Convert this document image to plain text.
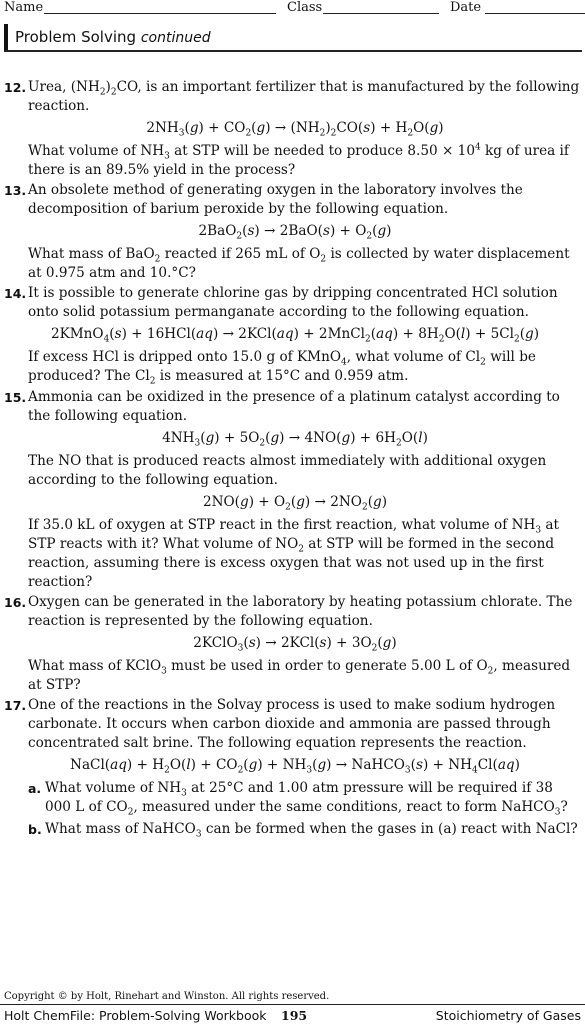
Name	Class	Date
Problem Solving continued
12. Urea, $(NH_2)_2CO$, is an important fertilizer that is manufactured by the following reaction.
$2NH_3(g) + CO_2(g) \to (NH_2)_2CO(s) + H_2O(g)$
What volume of $NH_3$ at STP will be needed to produce $8.50 \times 10^4$ kg of urea if there is an 89.5% yield in the process?
13. An obsolete method of generating oxygen in the laboratory involves the decomposition of barium peroxide by the following equation.
$2BaO_2(s) \to 2BaO(s) + O_2(g)$
What mass of BaO$_2$ reacted if 265 mL of $O_2$ is collected by water displacement at 0.975 atm and 10.°C?
14. It is possible to generate chlorine gas by dripping concentrated HCl solution onto solid potassium permanganate according to the following equation.
2KMnO$_4$(s) + 16HCl(aq) → 2KCl(aq) + 2MnCl$_2$(aq) + $8H_2O(l) + 5Cl_2(g)$
If excess HCl is dripped onto 15.0 g of KMnO$_4$, what volume of $Cl_2$ will be produced? The $Cl_2$ is measured at 15°C and 0.959 atm.
15. Ammonia can be oxidized in the presence of a platinum catalyst according to the following equation.
$4NH_3(g) + 5O_2(g) \to 4NO(g) + 6H_2O(l)$
The NO that is produced reacts almost immediately with additional oxygen according to the following equation.
$2NO(g) + O_2(g) \to 2NO_2(g)$
If 35.0 kL of oxygen at STP react in the first reaction, what volume of $NH_3$ at STP reacts with it? What volume of $NO_2$ at STP will be formed in the second reaction, assuming there is excess oxygen that was not used up in the first reaction?
16. Oxygen can be generated in the laboratory by heating potassium chlorate. The reaction is represented by the following equation.
2KClO$_3$(s) → $2KCl(s) + 3O_2(g)$
What mass of KClO$_3$ must be used in order to generate 5.00 L of $O_2$, measured at STP?
17. One of the reactions in the Solvay process is used to make sodium hydrogen carbonate. It occurs when carbon dioxide and ammonia are passed through concentrated salt brine. The following equation represents the reaction.
NaCl(aq) + $H_2O(l) + CO_2(g) + NH_3(g)$ → NaHCO$_3$(s) + $NH_4Cl(aq)$
a. What volume of $NH_3$ at 25°C and 1.00 atm pressure will be required if 38 000 L of $CO_2$, measured under the same conditions, react to form NaHCO$_3$?
b. What mass of NaHCO$_3$ can be formed when the gases in (a) react with NaCl?
Copyright © by Holt, Rinehart and Winston. All rights reserved.
Holt ChemFile: Problem-Solving Workbook 195	Stoichiometry of Gases
